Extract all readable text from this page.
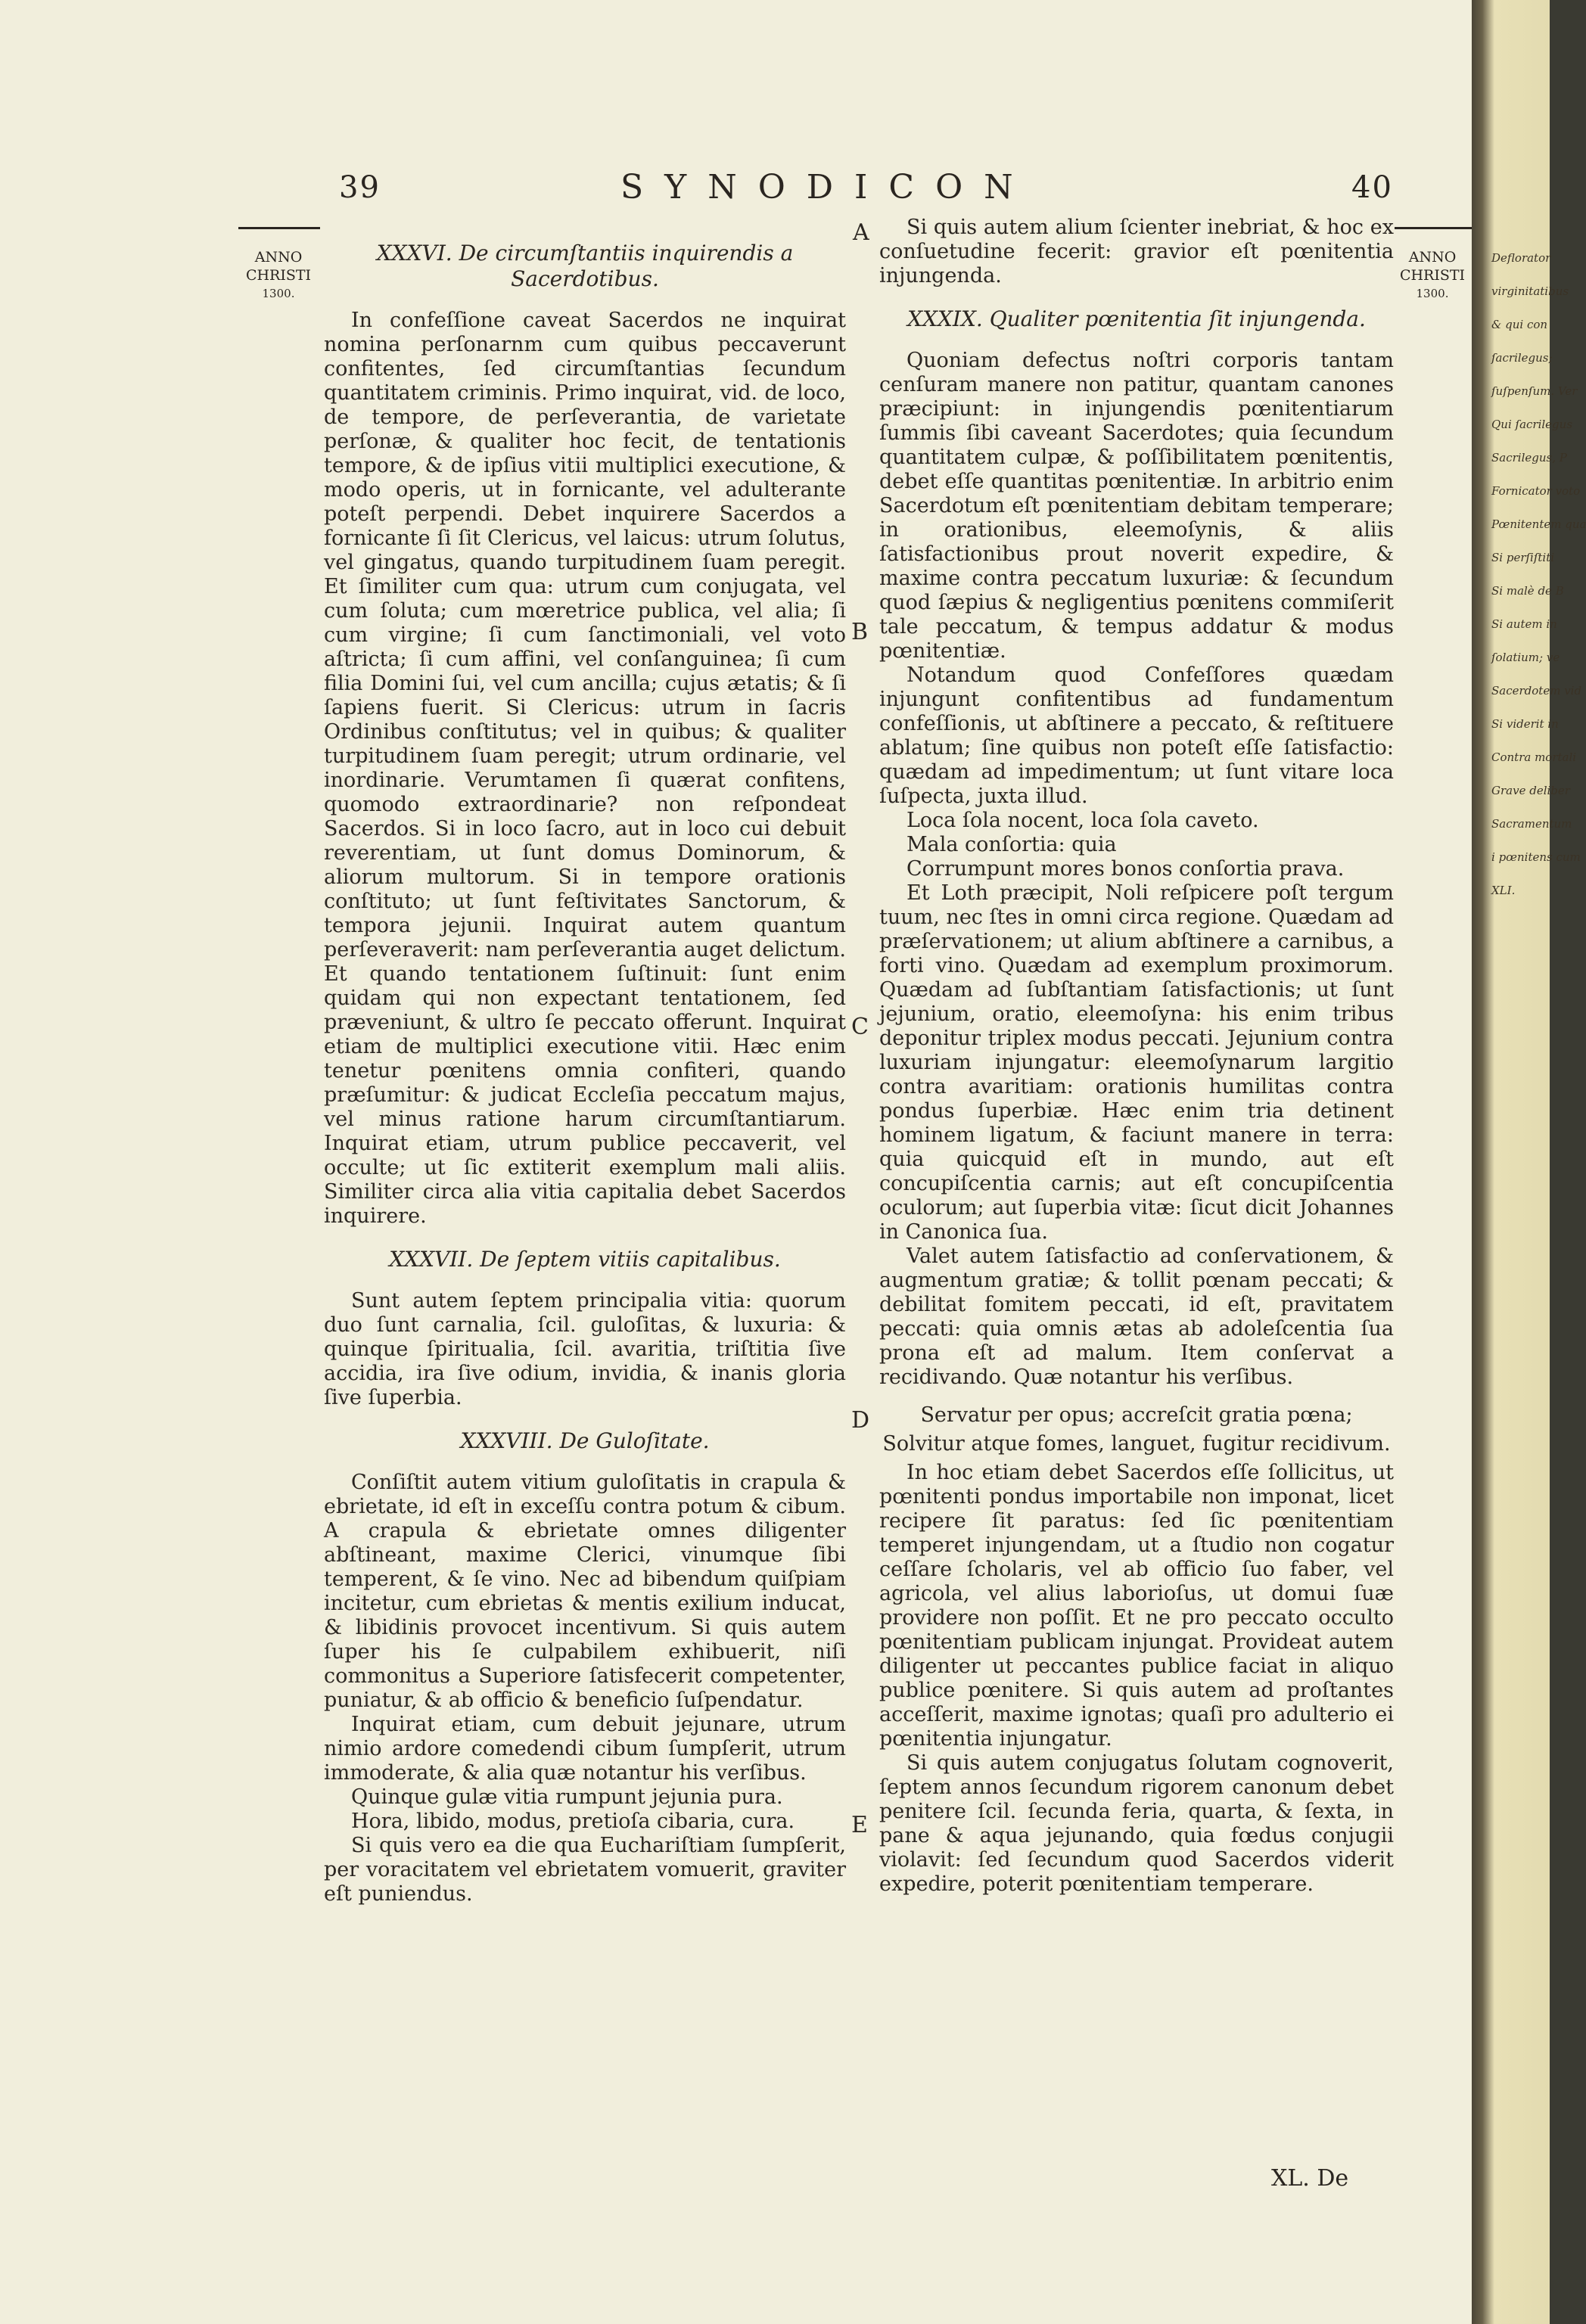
39	SYNODICON	40
ANNO
CHRISTI
1300.
ANNO
CHRISTI
1300.
A
B
C
D
E
XXXVI. De circumſtantiis inquirendis a Sacerdotibus.

In confeſſione caveat Sacerdos ne inquirat nomina perſonarnm cum quibus peccaverunt confitentes, ſed circumſtantias ſecundum quantitatem criminis. Primo inquirat, vid. de loco, de tempore, de perſeverantia, de varietate perſonæ, & qualiter hoc fecit, de tentationis tempore, & de ipſius vitii multiplici executione, & modo operis, ut in fornicante, vel adulterante poteſt perpendi. Debet inquirere Sacerdos a fornicante ſi ſit Clericus, vel laicus: utrum ſolutus, vel gingatus, quando turpitudinem ſuam peregit. Et ſimiliter cum qua: utrum cum conjugata, vel cum ſoluta; cum mœretrice publica, vel alia; ſi cum virgine; ſi cum ſanctimoniali, vel voto aſtricta; ſi cum affini, vel conſanguinea; ſi cum filia Domini ſui, vel cum ancilla; cujus ætatis; & ſi ſapiens fuerit. Si Clericus: utrum in ſacris Ordinibus conſtitutus; vel in quibus; & qualiter turpitudinem ſuam peregit; utrum ordinarie, vel inordinarie. Verumtamen ſi quærat confitens, quomodo extraordinarie? non reſpondeat Sacerdos. Si in loco ſacro, aut in loco cui debuit reverentiam, ut ſunt domus Dominorum, & aliorum multorum. Si in tempore orationis conſtituto; ut ſunt feſtivitates Sanctorum, & tempora jejunii. Inquirat autem quantum perſeveraverit: nam perſeverantia auget delictum. Et quando tentationem ſuſtinuit: ſunt enim quidam qui non expectant tentationem, ſed præveniunt, & ultro ſe peccato offerunt. Inquirat etiam de multiplici executione vitii. Hæc enim tenetur pœnitens omnia confiteri, quando præſumitur: & judicat Eccleſia peccatum majus, vel minus ratione harum circumſtantiarum. Inquirat etiam, utrum publice peccaverit, vel occulte; ut ſic extiterit exemplum mali aliis. Similiter circa alia vitia capitalia debet Sacerdos inquirere.

XXXVII. De ſeptem vitiis capitalibus.

Sunt autem ſeptem principalia vitia: quorum duo ſunt carnalia, ſcil. guloſitas, & luxuria: & quinque ſpiritualia, ſcil. avaritia, triſtitia ſive accidia, ira ſive odium, invidia, & inanis gloria ſive ſuperbia.

XXXVIII. De Guloſitate.

Conſiſtit autem vitium guloſitatis in crapula & ebrietate, id eſt in exceſſu contra potum & cibum. A crapula & ebrietate omnes diligenter abſtineant, maxime Clerici, vinumque ſibi temperent, & ſe vino. Nec ad bibendum quiſpiam incitetur, cum ebrietas & mentis exilium inducat, & libidinis provocet incentivum. Si quis autem ſuper his ſe culpabilem exhibuerit, niſi commonitus a Superiore ſatisfecerit competenter, puniatur, & ab officio & beneficio ſuſpendatur.

Inquirat etiam, cum debuit jejunare, utrum nimio ardore comedendi cibum ſumpſerit, utrum immoderate, & alia quæ notantur his verſibus.

Quinque gulæ vitia rumpunt jejunia pura.

Hora, libido, modus, pretioſa cibaria, cura.

Si quis vero ea die qua Euchariſtiam ſumpſerit, per voracitatem vel ebrietatem vomuerit, graviter eſt puniendus.

Si quis autem alium ſcienter inebriat, & hoc ex conſuetudine fecerit: gravior eſt pœnitentia injungenda.

XXXIX. Qualiter pœnitentia ſit injungenda.

Quoniam defectus noſtri corporis tantam cenſuram manere non patitur, quantam canones præcipiunt: in injungendis pœnitentiarum ſummis ſibi caveant Sacerdotes; quia ſecundum quantitatem culpæ, & poſſibilitatem pœnitentis, debet eſſe quantitas pœnitentiæ. In arbitrio enim Sacerdotum eſt pœnitentiam debitam temperare; in orationibus, eleemoſynis, & aliis ſatisfactionibus prout noverit expedire, & maxime contra peccatum luxuriæ: & ſecundum quod ſæpius & negligentius pœnitens commiſerit tale peccatum, & tempus addatur & modus pœnitentiæ.

Notandum quod Confeſſores quædam injungunt confitentibus ad fundamentum confeſſionis, ut abſtinere a peccato, & reſtituere ablatum; ſine quibus non poteſt eſſe ſatisfactio: quædam ad impedimentum; ut ſunt vitare loca ſuſpecta, juxta illud.

Loca ſola nocent, loca ſola caveto.

Mala conſortia: quia

Corrumpunt mores bonos conſortia prava.

Et Loth præcipit, Noli reſpicere poſt tergum tuum, nec ſtes in omni circa regione. Quædam ad præſervationem; ut alium abſtinere a carnibus, a forti vino. Quædam ad exemplum proximorum. Quædam ad ſubſtantiam ſatisfactionis; ut ſunt jejunium, oratio, eleemoſyna: his enim tribus deponitur triplex modus peccati. Jejunium contra luxuriam injungatur: eleemoſynarum largitio contra avaritiam: orationis humilitas contra pondus ſuperbiæ. Hæc enim tria detinent hominem ligatum, & faciunt manere in terra: quia quicquid eſt in mundo, aut eſt concupiſcentia carnis; aut eſt concupiſcentia oculorum; aut ſuperbia vitæ: ſicut dicit Johannes in Canonica ſua.

Valet autem ſatisfactio ad conſervationem, & augmentum gratiæ; & tollit pœnam peccati; & debilitat fomitem peccati, id eſt, pravitatem peccati: quia omnis ætas ab adoleſcentia ſua prona eſt ad malum. Item conſervat a recidivando. Quæ notantur his verſibus.

Servatur per opus; accreſcit gratia pœna;

Solvitur atque fomes, languet, fugitur recidivum.

In hoc etiam debet Sacerdos eſſe ſollicitus, ut pœnitenti pondus importabile non imponat, licet recipere ſit paratus: ſed ſic pœnitentiam temperet injungendam, ut a ſtudio non cogatur ceſſare ſcholaris, vel ab officio ſuo faber, vel agricola, vel alius laborioſus, ut domui ſuæ providere non poſſit. Et ne pro peccato occulto pœnitentiam publicam injungat. Provideat autem diligenter ut peccantes publice faciat in aliquo publice pœnitere. Si quis autem ad proſtantes acceſſerit, maxime ignotas; quaſi pro adulterio ei pœnitentia injungatur.

Si quis autem conjugatus ſolutam cognoverit, ſeptem annos ſecundum rigorem canonum debet penitere ſcil. ſecunda feria, quarta, & ſexta, in pane & aqua jejunando, quia fœdus conjugii violavit: ſed ſecundum quod Sacerdos viderit expedire, poterit pœnitentiam temperare.

XL. De
Deflorator
virginitatibus
& qui con
ſacrilegus;
ſuſpenſum. Ver
Qui ſacrilegus
Sacrilegus, P
Fornicator voto
Pœnitentem qua
Si perſiſtiti
Si malè de B
Si autem in
ſolatium; ve
Sacerdotem vid
Si viderit in
Contra mortali
Grave deliber
Sacramentum
i pœnitens cum
XLI.
